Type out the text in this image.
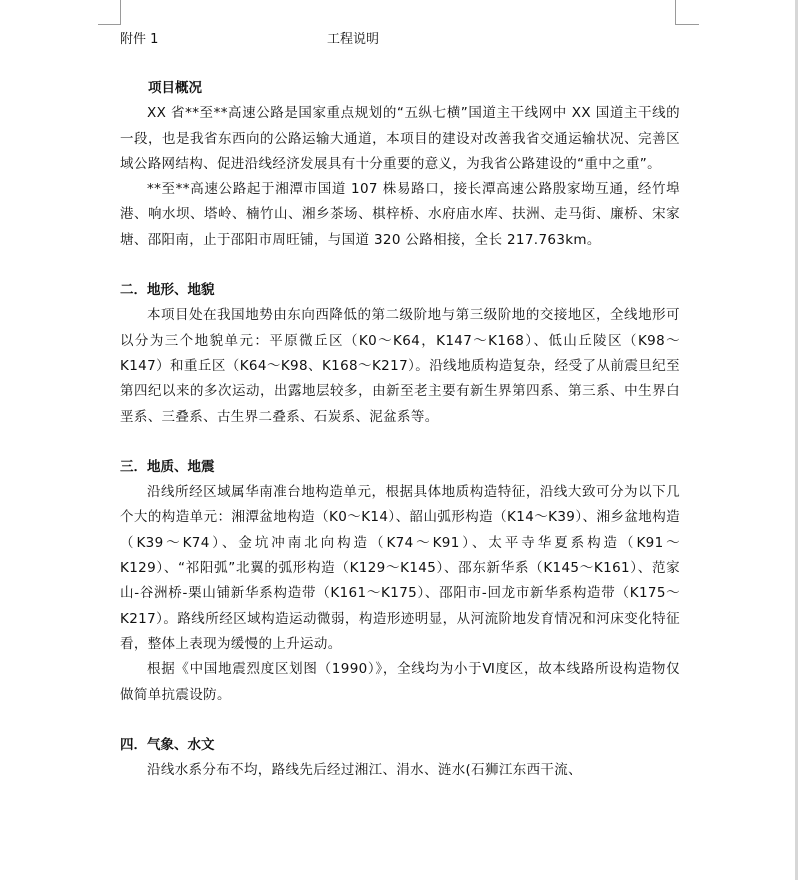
附件 1	工程说明
项目概况

XX 省**至**高速公路是国家重点规划的“五纵七横”国道主干线网中 XX 国道主干线的一段，也是我省东西向的公路运输大通道，本项目的建设对改善我省交通运输状况、完善区域公路网结构、促进沿线经济发展具有十分重要的意义，为我省公路建设的“重中之重”。

**至**高速公路起于湘潭市国道 107 株易路口，接长潭高速公路殷家坳互通，经竹埠港、响水坝、塔岭、楠竹山、湘乡茶场、棋梓桥、水府庙水库、扶洲、走马街、廉桥、宋家塘、邵阳南，止于邵阳市周旺铺，与国道 320 公路相接，全长 217.763km。

二．地形、地貌

本项目处在我国地势由东向西降低的第二级阶地与第三级阶地的交接地区，全线地形可以分为三个地貌单元：平原微丘区（K0～K64，K147～K168）、低山丘陵区（K98～K147）和重丘区（K64～K98、K168～K217）。沿线地质构造复杂，经受了从前震旦纪至第四纪以来的多次运动，出露地层较多，由新至老主要有新生界第四系、第三系、中生界白垩系、三叠系、古生界二叠系、石炭系、泥盆系等。

三．地质、地震

沿线所经区域属华南准台地构造单元，根据具体地质构造特征，沿线大致可分为以下几个大的构造单元：湘潭盆地构造（K0～K14）、韶山弧形构造（K14～K39）、湘乡盆地构造（K39～K74）、金坑冲南北向构造（K74～K91）、太平寺华夏系构造（K91～K129）、“祁阳弧”北翼的弧形构造（K129～K145）、邵东新华系（K145～K161）、范家山-谷洲桥-栗山铺新华系构造带（K161～K175）、邵阳市-回龙市新华系构造带（K175～K217）。路线所经区域构造运动微弱，构造形迹明显，从河流阶地发育情况和河床变化特征看，整体上表现为缓慢的上升运动。

根据《中国地震烈度区划图（1990）》，全线均为小于Ⅵ度区，故本线路所设构造物仅做简单抗震设防。

四．气象、水文

沿线水系分布不均，路线先后经过湘江、涓水、涟水(石狮江东西干流、
